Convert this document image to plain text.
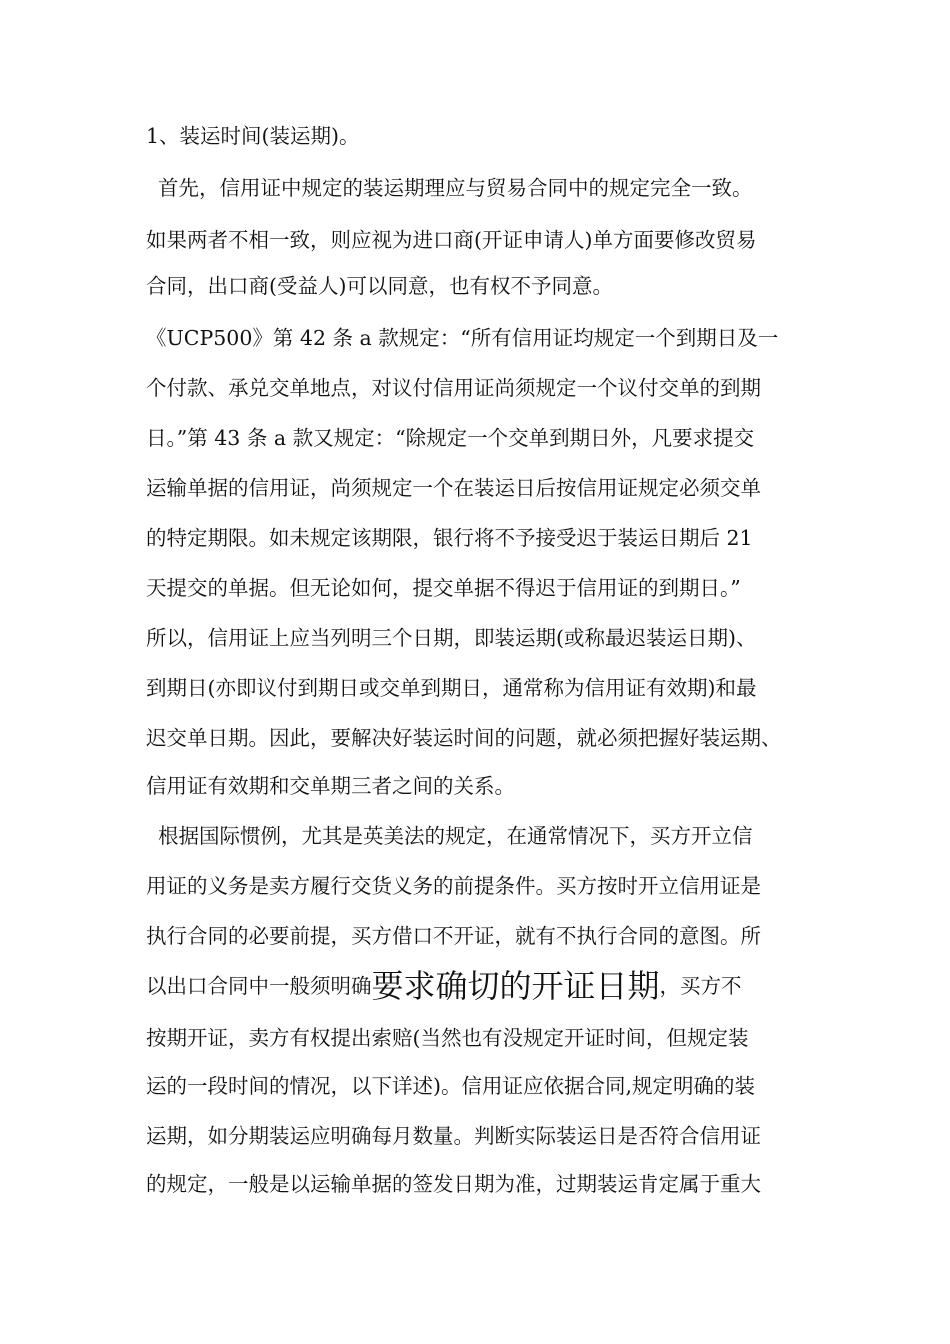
1、装运时间(装运期)。
首先，信用证中规定的装运期理应与贸易合同中的规定完全一致。
如果两者不相一致，则应视为进口商(开证申请人)单方面要修改贸易
合同，出口商(受益人)可以同意，也有权不予同意。
《UCP500》第 42 条 a 款规定：“所有信用证均规定一个到期日及一
个付款、承兑交单地点，对议付信用证尚须规定一个议付交单的到期
日。”第 43 条 a 款又规定：“除规定一个交单到期日外，凡要求提交
运输单据的信用证，尚须规定一个在装运日后按信用证规定必须交单
的特定期限。如未规定该期限，银行将不予接受迟于装运日期后 21
天提交的单据。但无论如何，提交单据不得迟于信用证的到期日。”
所以，信用证上应当列明三个日期，即装运期(或称最迟装运日期)、
到期日(亦即议付到期日或交单到期日，通常称为信用证有效期)和最
迟交单日期。因此，要解决好装运时间的问题，就必须把握好装运期、
信用证有效期和交单期三者之间的关系。
根据国际惯例，尤其是英美法的规定，在通常情况下，买方开立信
用证的义务是卖方履行交货义务的前提条件。买方按时开立信用证是
执行合同的必要前提，买方借口不开证，就有不执行合同的意图。所
以出口合同中一般须明确要求确切的开证日期，买方不
按期开证，卖方有权提出索赔(当然也有没规定开证时间，但规定装
运的一段时间的情况，以下详述)。信用证应依据合同,规定明确的装
运期，如分期装运应明确每月数量。判断实际装运日是否符合信用证
的规定，一般是以运输单据的签发日期为准，过期装运肯定属于重大
